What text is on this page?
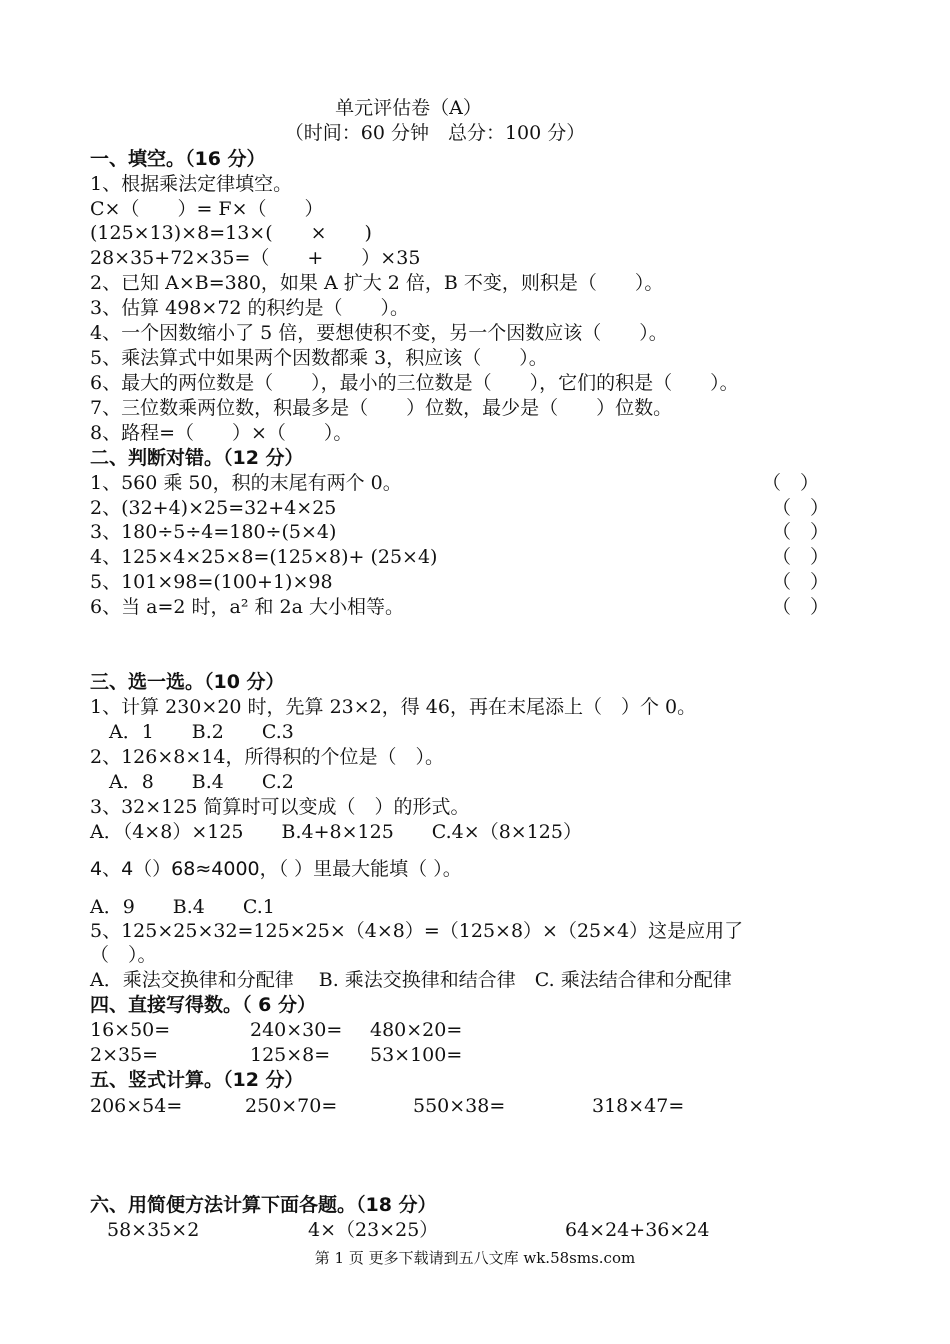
单元评估卷（A）
（时间：60 分钟　总分：100 分）
一、填空。（16 分）
1、根据乘法定律填空。
C×（　　）= F×（　　）
(125×13)×8=13×(　　×　　)
28×35+72×35=（　　+　　）×35
2、已知 A×B=380，如果 A 扩大 2 倍，B 不变，则积是（　　）。
3、估算 498×72 的积约是（　　）。
4、一个因数缩小了 5 倍，要想使积不变，另一个因数应该（　　）。
5、乘法算式中如果两个因数都乘 3，积应该（　　）。
6、最大的两位数是（　　），最小的三位数是（　　），它们的积是（　　）。
7、三位数乘两位数，积最多是（　　）位数，最少是（　　）位数。
8、路程=（　　）×（　　）。
二、判断对错。（12 分）
1、560 乘 50，积的末尾有两个 0。	（　）
2、(32+4)×25=32+4×25	（　）
3、180÷5÷4=180÷(5×4)	（　）
4、125×4×25×8=(125×8)+ (25×4)	（　）
5、101×98=(100+1)×98	（　）
6、当 a=2 时，a² 和 2a 大小相等。	（　）
三、选一选。（10 分）
1、计算 230×20 时，先算 23×2，得 46，再在末尾添上（　）个 0。
　A．1　　B.2　　C.3
2、126×8×14，所得积的个位是（　）。
　A．8　　B.4　　C.2
3、32×125 简算时可以变成（　）的形式。
A．（4×8）×125　　B.4+8×125　　C.4×（8×125）
4、4（）68≈4000，（ ）里最大能填（ ）。
A．9　　B.4　　C.1
5、125×25×32=125×25×（4×8）=（125×8）×（25×4）这是应用了
（　）。
A．乘法交换律和分配律　 B. 乘法交换律和结合律　C. 乘法结合律和分配律
四、直接写得数。（ 6 分）
16×50=	240×30= 480×20=
2×35=	125×8= 53×100=
五、竖式计算。（12 分）
206×54=	250×70=	550×38=	318×47=
六、用简便方法计算下面各题。（18 分）
58×35×2	4×（23×25）	64×24+36×24
第 1 页 更多下载请到五八文库 wk.58sms.com
